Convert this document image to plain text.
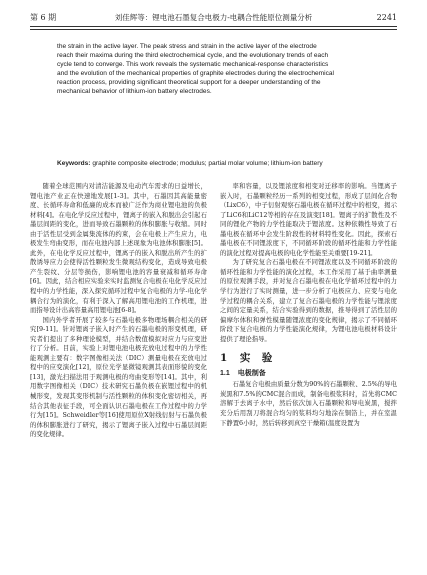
第 6 期	刘佳辉等：锂电池石墨复合电极力-电耦合性能原位测量分析	2241
the strain in the active layer. The peak stress and strain in the active layer of the electrode
reach their maxima during the third electrochemical cycle, and the evolutionary trends of each
cycle tend to converge. This work reveals the systematic mechanical-response characteristics
and the evolution of the mechanical properties of graphite electrodes during the electrochemical
reaction process, providing significant theoretical support for a deeper understanding of the
mechanical behavior of lithium-ion battery electrodes.
Keywords: graphite composite electrode; modulus; partial molar volume; lithium-ion battery

随着全球范围内对清洁能源及电动汽车需求的日益增长，锂电池产业正在快速地发展[1-3]。其中，石墨因其高能量密度、长循环寿命和低廉的成本而被广泛作为商业锂电池的负极材料[4]。在电化学反应过程中，锂离子的嵌入和脱出会引起石墨层间距的变化，进而导致石墨颗粒的体积膨胀与收缩。同时由于活性层受到金属集流体的约束，会在电极上产生应力，电极发生弯曲变形，而在电池内部上述现象为电池体积膨胀[5]。此外，在电化学反应过程中，锂离子的嵌入和脱出所产生的扩散诱导应力会使得活性颗粒发生微观结构变化，造成导致电极产生裂纹、分层等损伤，影响锂电池的容量衰减和循环寿命[6]。因此，结合相应实验来实时监测复合电极在电化学反应过程中的力学性能，深入探究循环过程中复合电极的力学-电化学耦合行为的演化，有利于深入了解高用锂电池的工作机理，进而指导设计出高容量高用锂电池[6-8]。

国内外学者开展了较多与石墨电极多物理场耦合相关的研究[9-11]。针对锂离子嵌入时产生的石墨电极的形变机理，研究者们提出了多种理论模型，并结合数值模拟对应力与应变进行了分析。目前，实验上对锂电池电极充放电过程中的力学性能观测主要有：数字图像相关法（DIC）测量电极在充放电过程中的应变演化[12]，原位光学显微镜观测其表面形貌的变化[13]，激光扫描法用于观测电极的弯曲变形等[14]。其中，利用数字图像相关（DIC）技术研究石墨负极在嵌锂过程中的机械形变，发现其变形机制与活性颗粒的体积变化密切相关，再结合其他表征手段，可全面认识石墨电极在工作过程中的力学行为[15]。Schweidler等[16]使用原位X射线衍射与石墨负极的体积膨胀进行了研究，揭示了锂离子嵌入过程中石墨层间距的变化规律。

率和容量，以及锂浓度和相变对迁移率的影响。当锂离子嵌入时，石墨颗粒经历一系列的相变过程，形成了层间化合物（LixC6），中子衍射观察石墨电极在循环过程中的相变，揭示了LiC6和LiC12等相的存在及演变[18]。锂离子的扩散性及不同的锂化产物的力学性能取决于锂浓度。这种依赖性导致了石墨电极在循环中会发生阶段性的材料特性变化。因此，探索石墨电极在不同锂浓度下，不同循环阶段的循环性能和力学性能的演化过程对提高电极的电化学性能至关重要[19-21]。

为了研究复合石墨电极在不同锂浓度以及不同循环阶段的循环性能和力学性能的演化过程，本工作采用了基于曲率测量的原位观测手段，并对复合石墨电极在电化学循环过程中的力学行为进行了实时测量，进一步分析了电极应力、应变与电化学过程的耦合关系，建立了复合石墨电极的力学性能与锂浓度之间的定量关系，结合实验得到的数据，推导得到了活性层的偏摩尔体积和弹性模量随锂浓度的变化规律，揭示了不同循环阶段下复合电极的力学性能演化规律，为锂电池电极材料设计提供了理论指导。

1 实　验
1.1 电极制备

石墨复合电极由质量分数为90%的石墨颗粒、2.5%的导电炭黑和7.5%的CMC混合而成，制备电极浆料时，首先将CMC溶解于去离子水中，然后依次加入石墨颗粒和导电炭黑，搅拌充分后用刮刀将混合均匀的浆料均匀地涂在铜箔上，并在室温下静置6小时，然后转移到真空干燥箱(温度设置为
